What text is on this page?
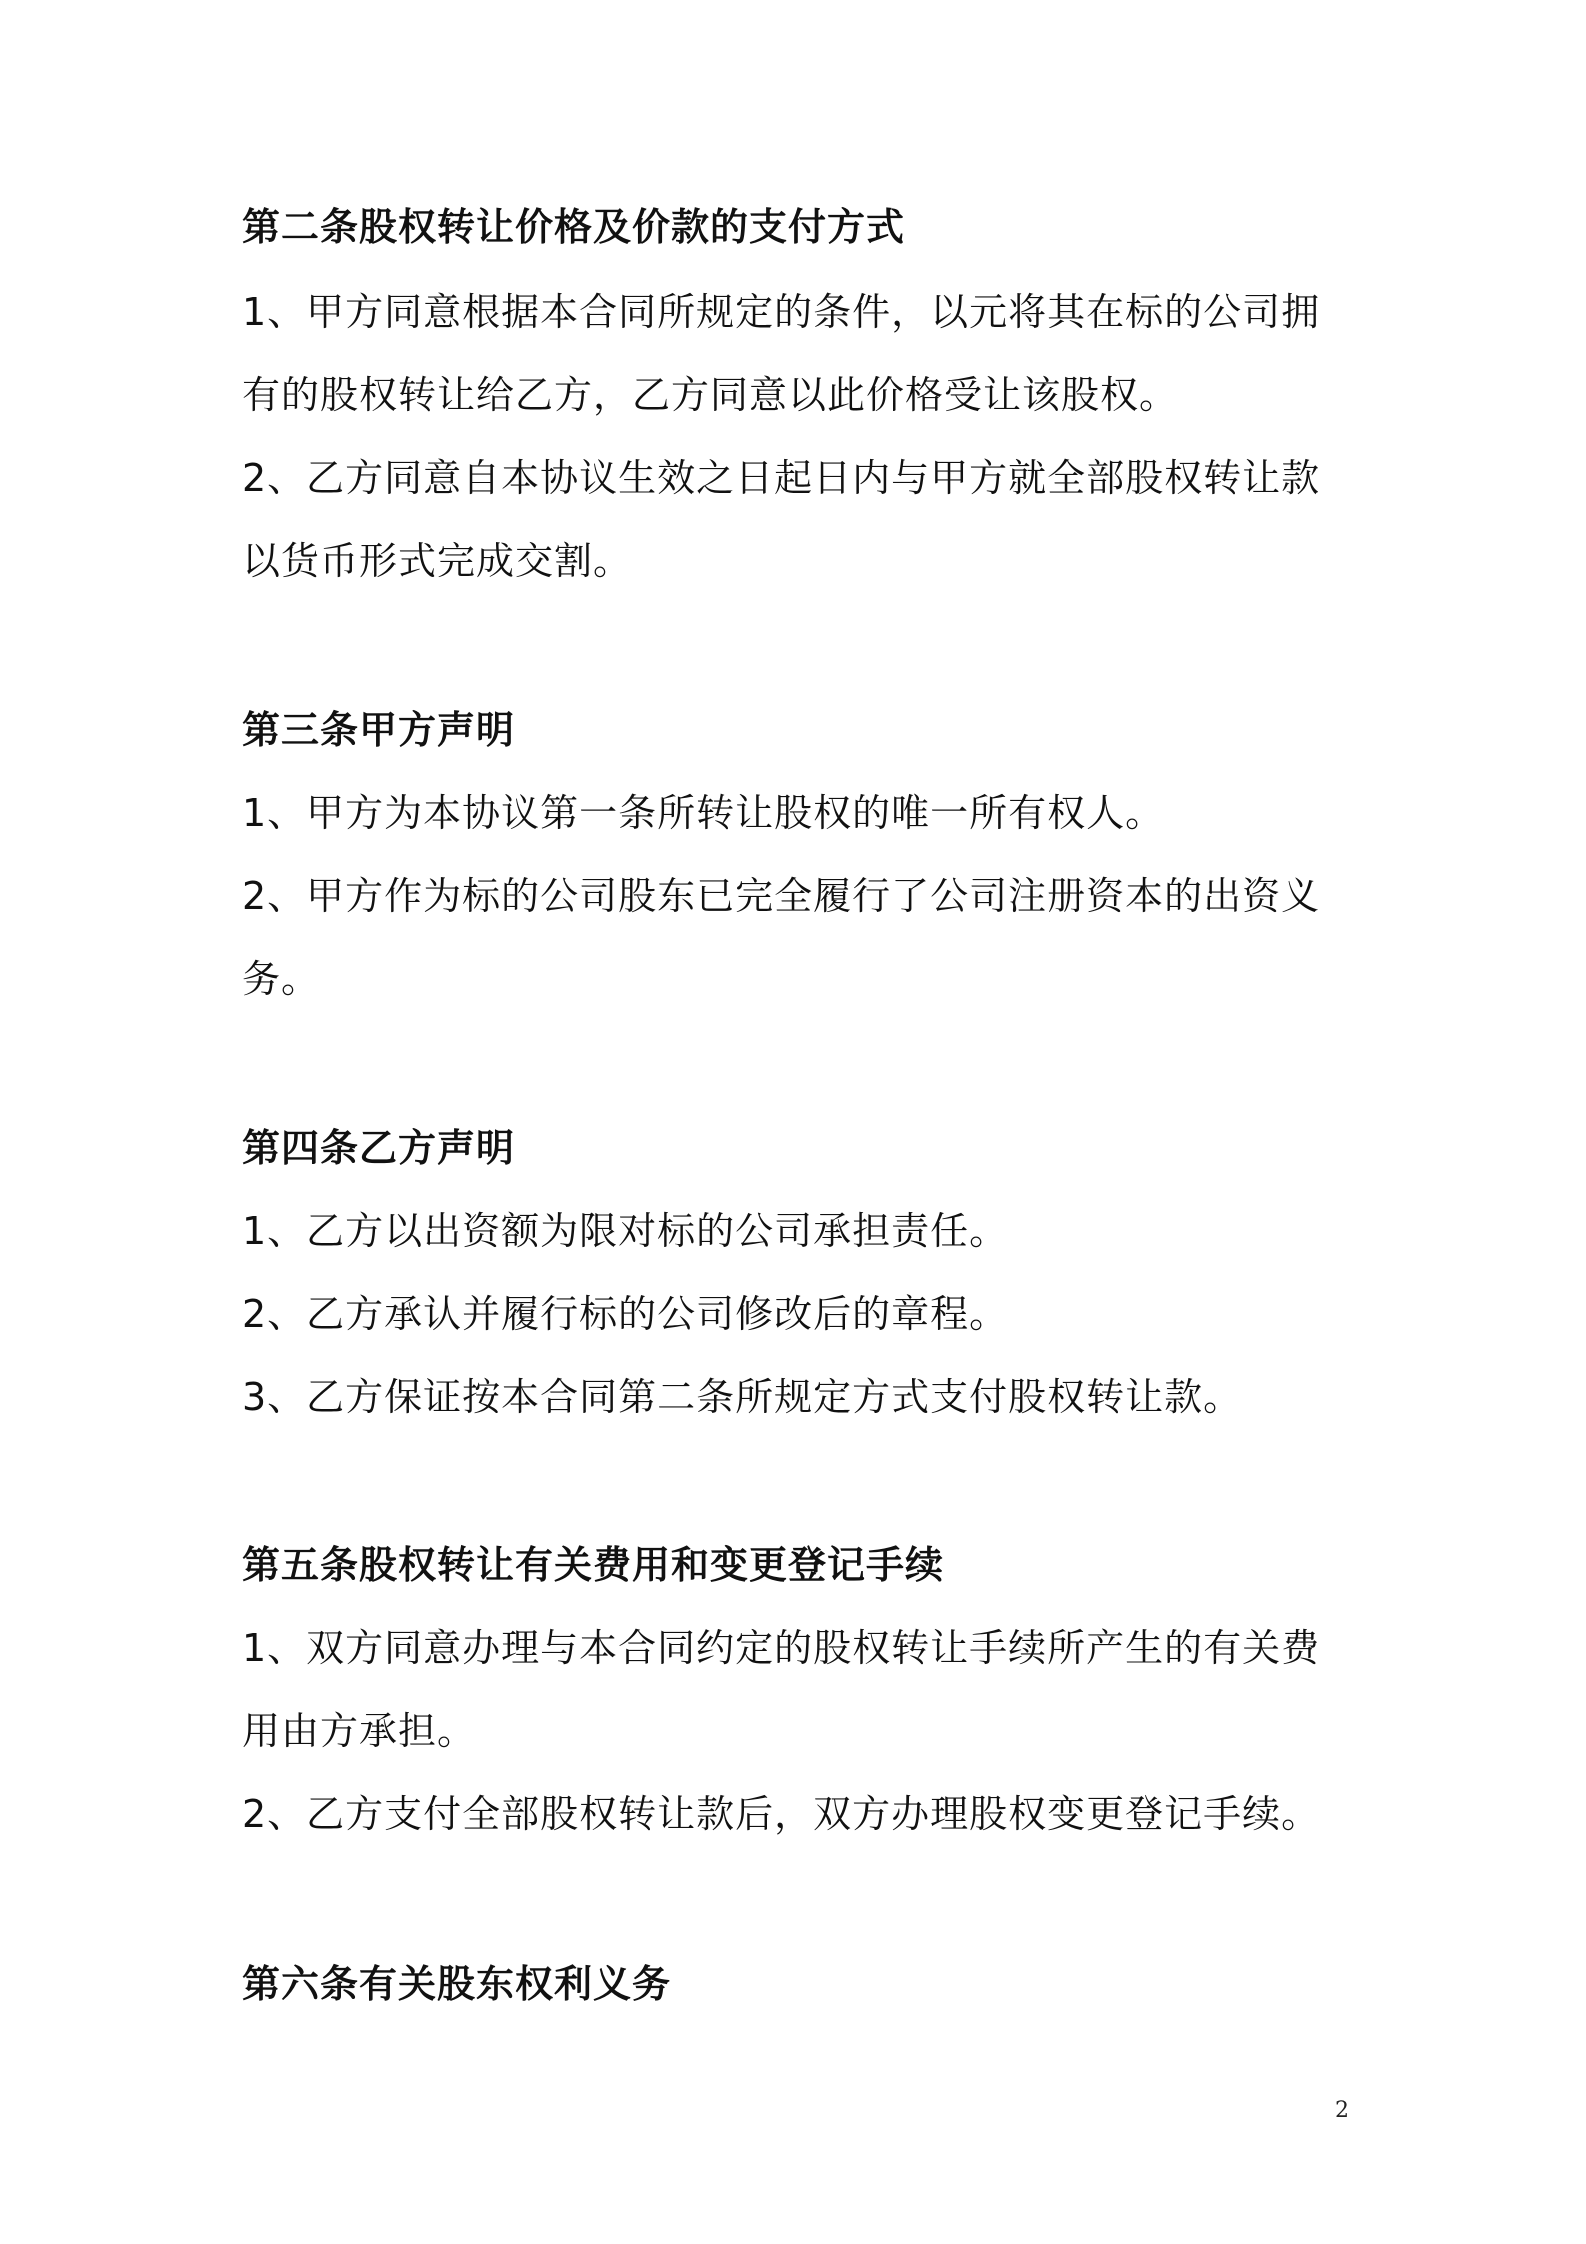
第二条股权转让价格及价款的支付方式
1、甲方同意根据本合同所规定的条件，以元将其在标的公司拥
有的股权转让给乙方，乙方同意以此价格受让该股权。
2、乙方同意自本协议生效之日起日内与甲方就全部股权转让款
以货币形式完成交割。
第三条甲方声明
1、甲方为本协议第一条所转让股权的唯一所有权人。
2、甲方作为标的公司股东已完全履行了公司注册资本的出资义
务。
第四条乙方声明
1、乙方以出资额为限对标的公司承担责任。
2、乙方承认并履行标的公司修改后的章程。
3、乙方保证按本合同第二条所规定方式支付股权转让款。
第五条股权转让有关费用和变更登记手续
1、双方同意办理与本合同约定的股权转让手续所产生的有关费
用由方承担。
2、乙方支付全部股权转让款后，双方办理股权变更登记手续。
第六条有关股东权利义务
2
